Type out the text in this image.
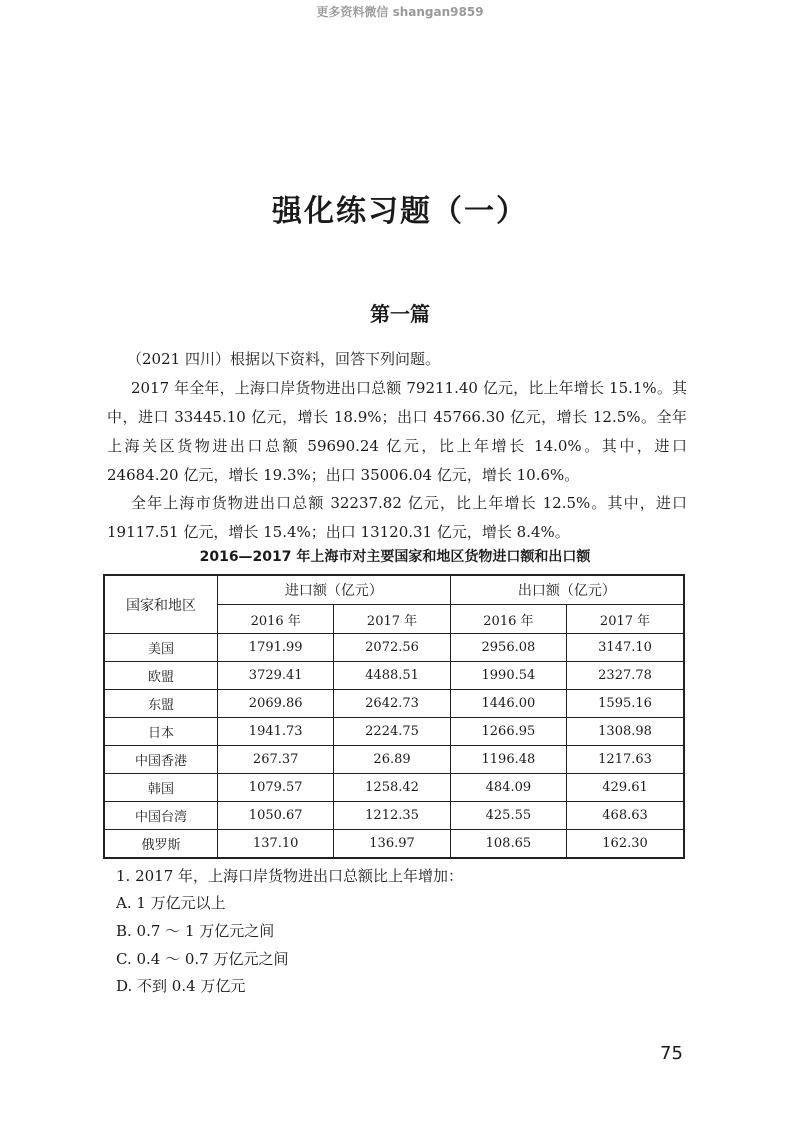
更多资料微信 shangan9859
强化练习题（一）
第一篇

（2021 四川）根据以下资料，回答下列问题。

2017 年全年，上海口岸货物进出口总额 79211.40 亿元，比上年增长 15.1%。其中，进口 33445.10 亿元，增长 18.9%；出口 45766.30 亿元，增长 12.5%。全年上海关区货物进出口总额 59690.24 亿元，比上年增长 14.0%。其中，进口 24684.20 亿元，增长 19.3%；出口 35006.04 亿元，增长 10.6%。

全年上海市货物进出口总额 32237.82 亿元，比上年增长 12.5%。其中，进口 19117.51 亿元，增长 15.4%；出口 13120.31 亿元，增长 8.4%。

2016—2017 年上海市对主要国家和地区货物进口额和出口额
国家和地区	进口额（亿元）		出口额（亿元）	
	2016 年	2017 年	2016 年	2017 年
美国	1791.99	2072.56	2956.08	3147.10
欧盟	3729.41	4488.51	1990.54	2327.78
东盟	2069.86	2642.73	1446.00	1595.16
日本	1941.73	2224.75	1266.95	1308.98
中国香港	267.37	26.89	1196.48	1217.63
韩国	1079.57	1258.42	484.09	429.61
中国台湾	1050.67	1212.35	425.55	468.63
俄罗斯	137.10	136.97	108.65	162.30

1. 2017 年，上海口岸货物进出口总额比上年增加：

A. 1 万亿元以上

B. 0.7 ～ 1 万亿元之间

C. 0.4 ～ 0.7 万亿元之间

D. 不到 0.4 万亿元

75
